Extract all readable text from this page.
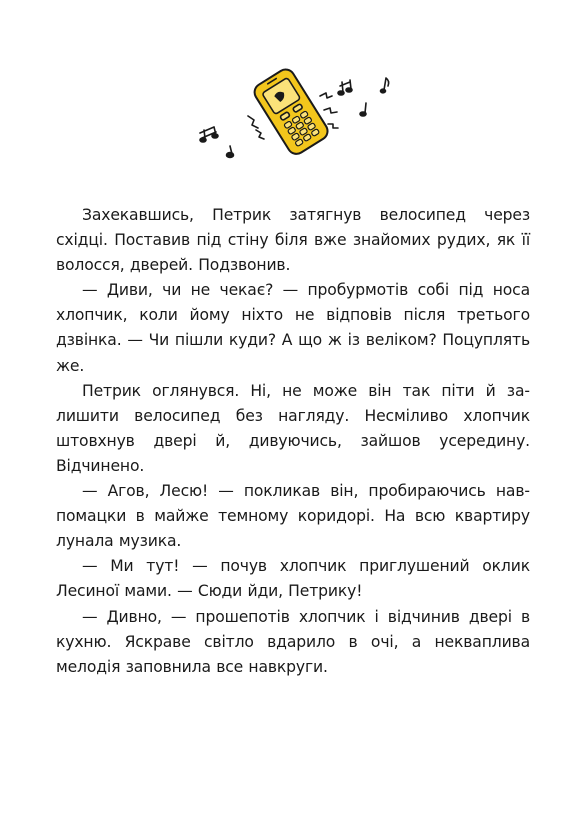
Захекавшись, Петрик затягнув велосипед через східці. Поставив під стіну біля вже знайомих рудих, як її волосся, дверей. Подзвонив.

— Диви, чи не чекає? — пробурмотів собі під носа хлопчик, коли йому ніхто не відповів після третього дзвінка. — Чи пішли куди? А що ж із веліком? Поцуплять же.

Петрик оглянувся. Ні, не може він так піти й залишити велосипед без нагляду. Несміливо хлопчик штовхнув двері й, дивуючись, зайшов усередину. Відчинено.

— Агов, Лесю! — покликав він, пробираючись навпомацки в майже темному коридорі. На всю квартиру лунала музика.

— Ми тут! — почув хлопчик приглушений оклик Лесиної мами. — Сюди йди, Петрику!

— Дивно, — прошепотів хлопчик і відчинив двері в кухню. Яскраве світло вдарило в очі, а некваплива мелодія заповнила все навкруги.
